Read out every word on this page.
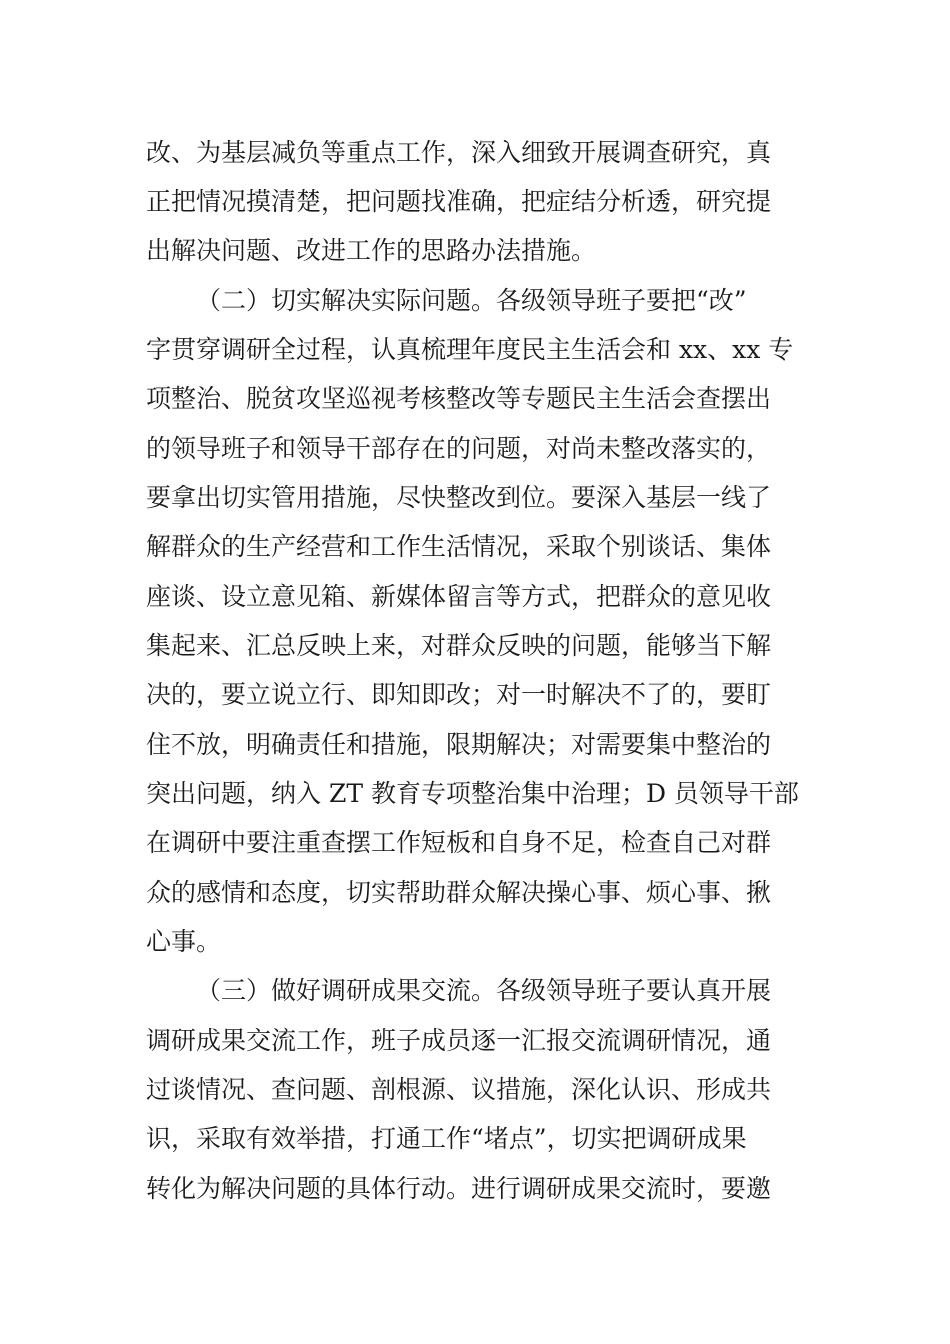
改、为基层减负等重点工作，深入细致开展调查研究，真
正把情况摸清楚，把问题找准确，把症结分析透，研究提
出解决问题、改进工作的思路办法措施。
（二）切实解决实际问题。各级领导班子要把“改”
字贯穿调研全过程，认真梳理年度民主生活会和 xx、xx 专
项整治、脱贫攻坚巡视考核整改等专题民主生活会查摆出
的领导班子和领导干部存在的问题，对尚未整改落实的，
要拿出切实管用措施，尽快整改到位。要深入基层一线了
解群众的生产经营和工作生活情况，采取个别谈话、集体
座谈、设立意见箱、新媒体留言等方式，把群众的意见收
集起来、汇总反映上来，对群众反映的问题，能够当下解
决的，要立说立行、即知即改；对一时解决不了的，要盯
住不放，明确责任和措施，限期解决；对需要集中整治的
突出问题，纳入 ZT 教育专项整治集中治理；D 员领导干部
在调研中要注重查摆工作短板和自身不足，检查自己对群
众的感情和态度，切实帮助群众解决操心事、烦心事、揪
心事。
（三）做好调研成果交流。各级领导班子要认真开展
调研成果交流工作，班子成员逐一汇报交流调研情况，通
过谈情况、查问题、剖根源、议措施，深化认识、形成共
识，采取有效举措，打通工作“堵点”，切实把调研成果
转化为解决问题的具体行动。进行调研成果交流时，要邀
